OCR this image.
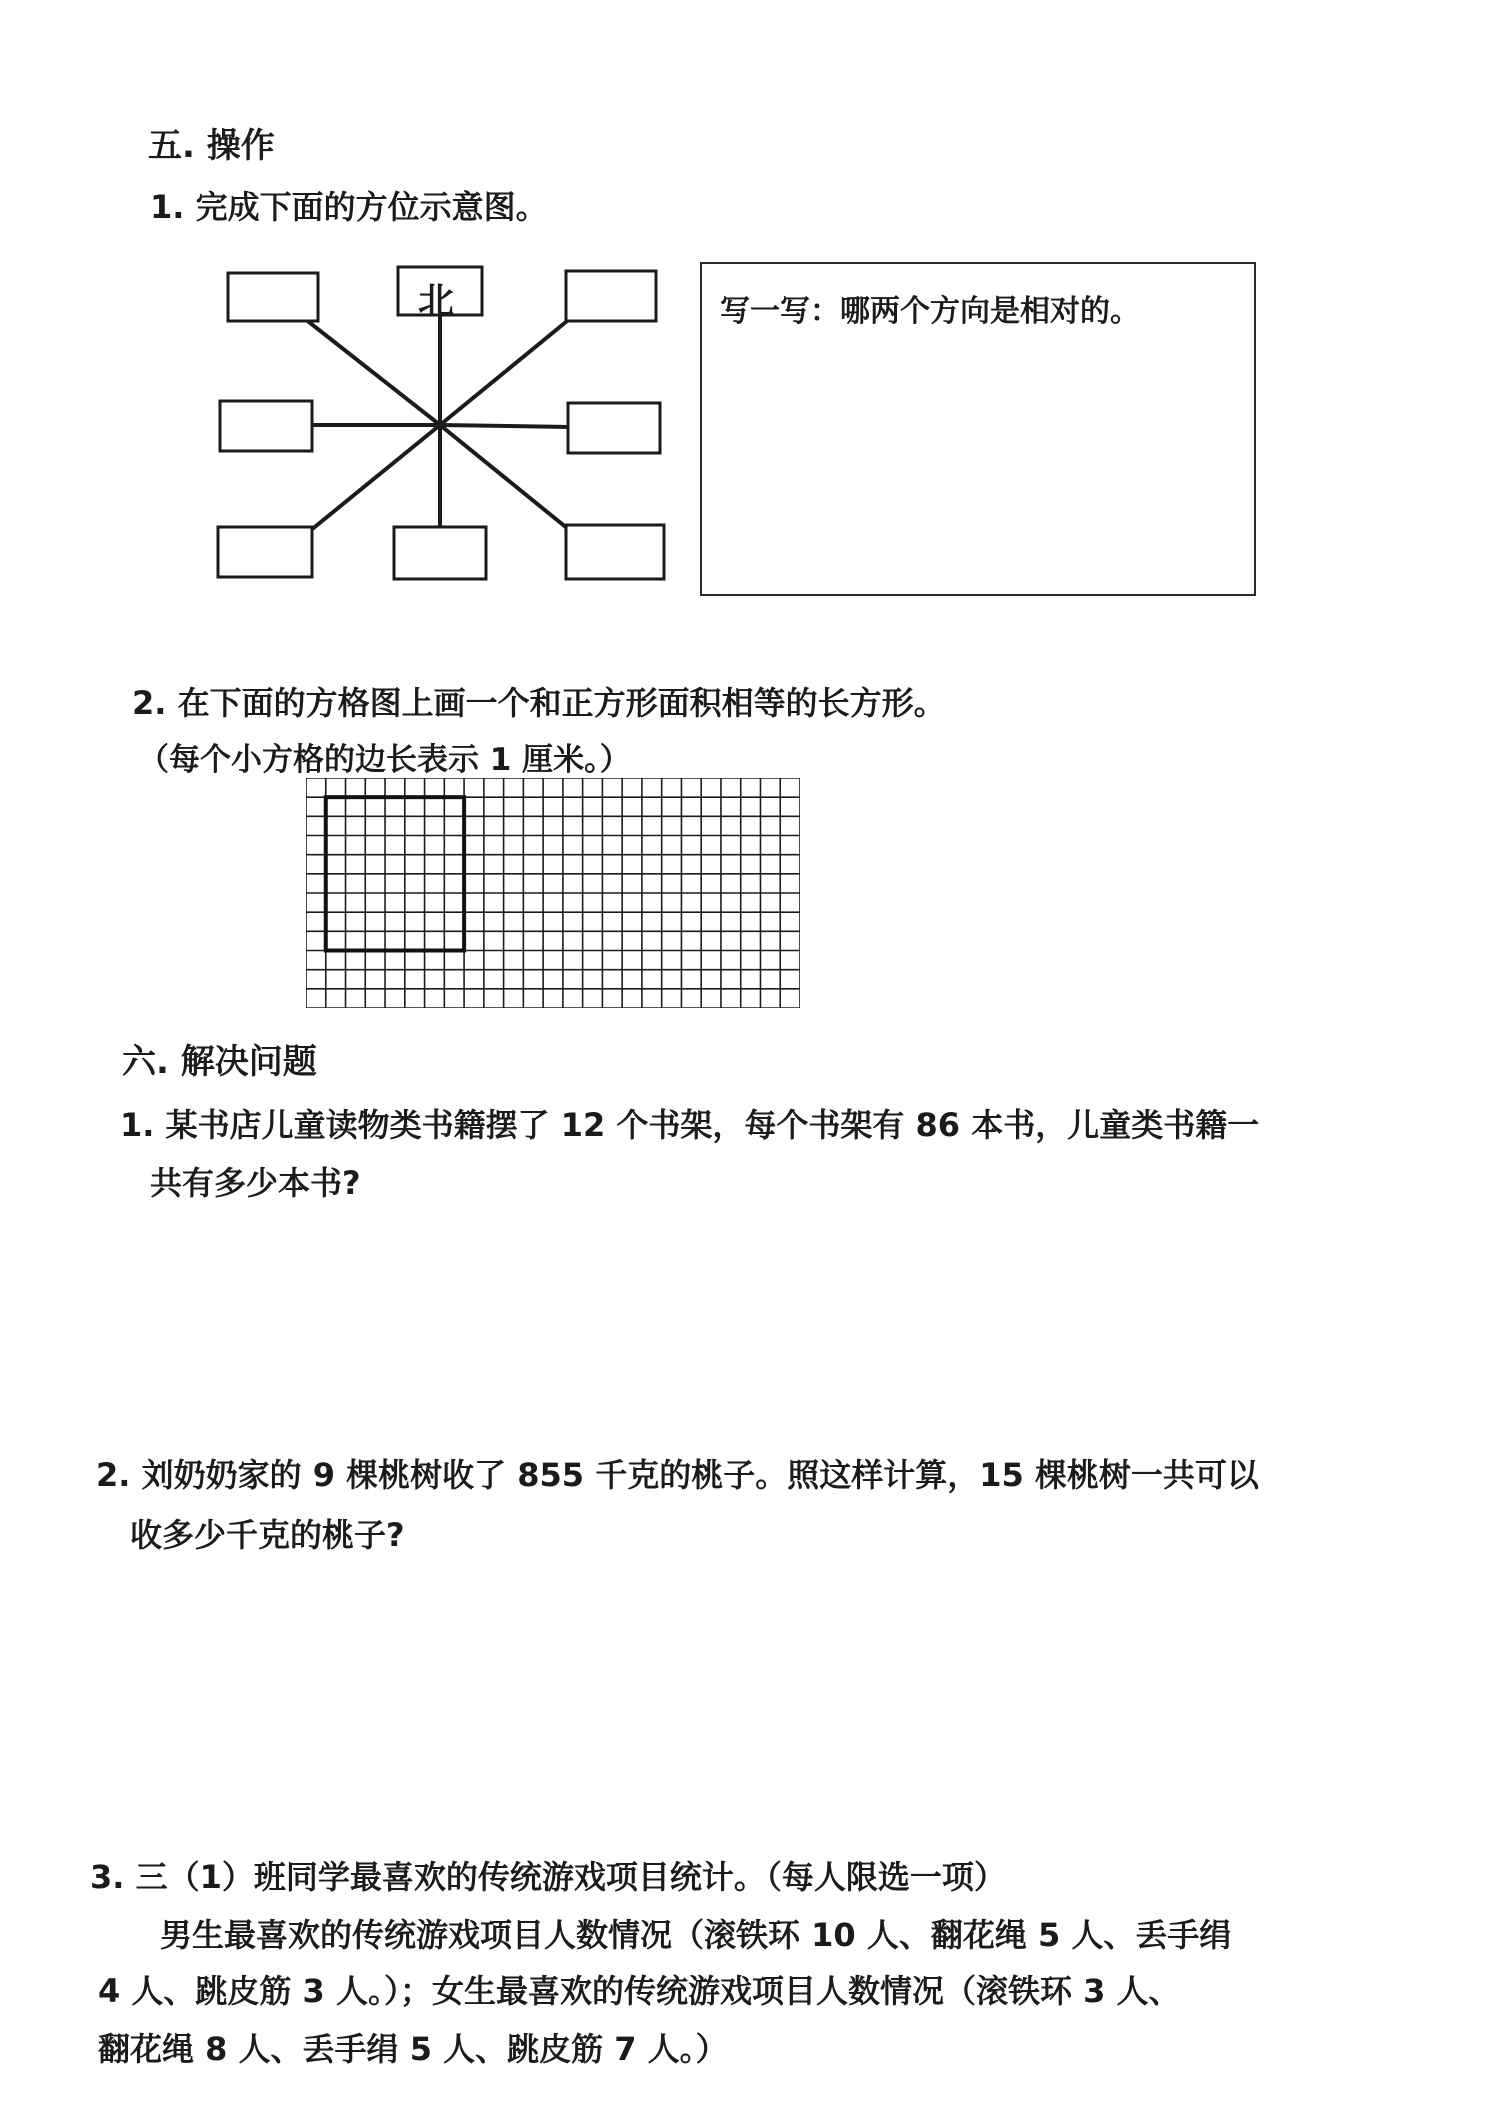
五. 操作
1. 完成下面的方位示意图。
北	写一写：哪两个方向是相对的。
2. 在下面的方格图上画一个和正方形面积相等的长方形。
（每个小方格的边长表示 1 厘米。）
六. 解决问题
1. 某书店儿童读物类书籍摆了 12 个书架，每个书架有 86 本书，儿童类书籍一
共有多少本书?
2. 刘奶奶家的 9 棵桃树收了 855 千克的桃子。照这样计算，15 棵桃树一共可以
收多少千克的桃子?
3. 三（1）班同学最喜欢的传统游戏项目统计。（每人限选一项）
男生最喜欢的传统游戏项目人数情况（滚铁环 10 人、翻花绳 5 人、丢手绢
4 人、跳皮筋 3 人。）；女生最喜欢的传统游戏项目人数情况（滚铁环 3 人、
翻花绳 8 人、丢手绢 5 人、跳皮筋 7 人。）
